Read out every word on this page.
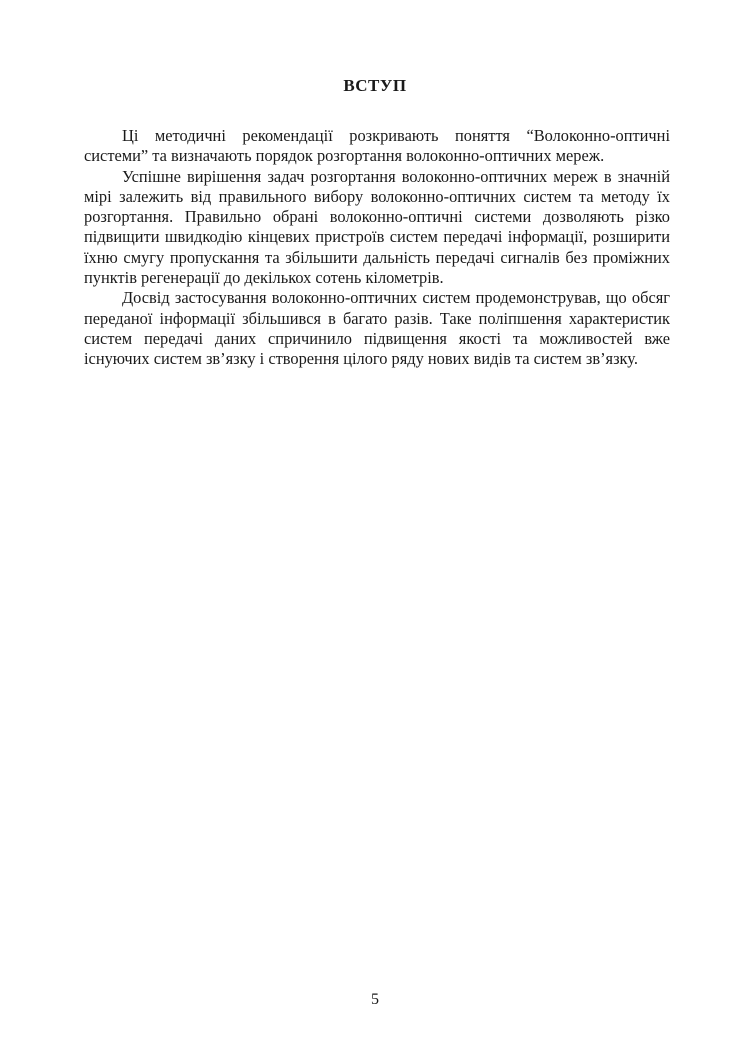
ВСТУП

Ці методичні рекомендації розкривають поняття “Волоконно-оптичні системи” та визначають порядок розгортання волоконно-оптичних мереж.

Успішне вирішення задач розгортання волоконно-оптичних мереж в значній мірі залежить від правильного вибору волоконно-оптичних систем та методу їх розгортання. Правильно обрані волоконно-оптичні системи дозволяють різко підвищити швидкодію кінцевих пристроїв систем передачі інформації, розширити їхню смугу пропускання та збільшити дальність передачі сигналів без проміжних пунктів регенерації до декількох сотень кілометрів.

Досвід застосування волоконно-оптичних систем продемонстрував, що обсяг переданої інформації збільшився в багато разів. Таке поліпшення характеристик систем передачі даних спричинило підвищення якості та можливостей вже існуючих систем зв’язку і створення цілого ряду нових видів та систем зв’язку.

5
